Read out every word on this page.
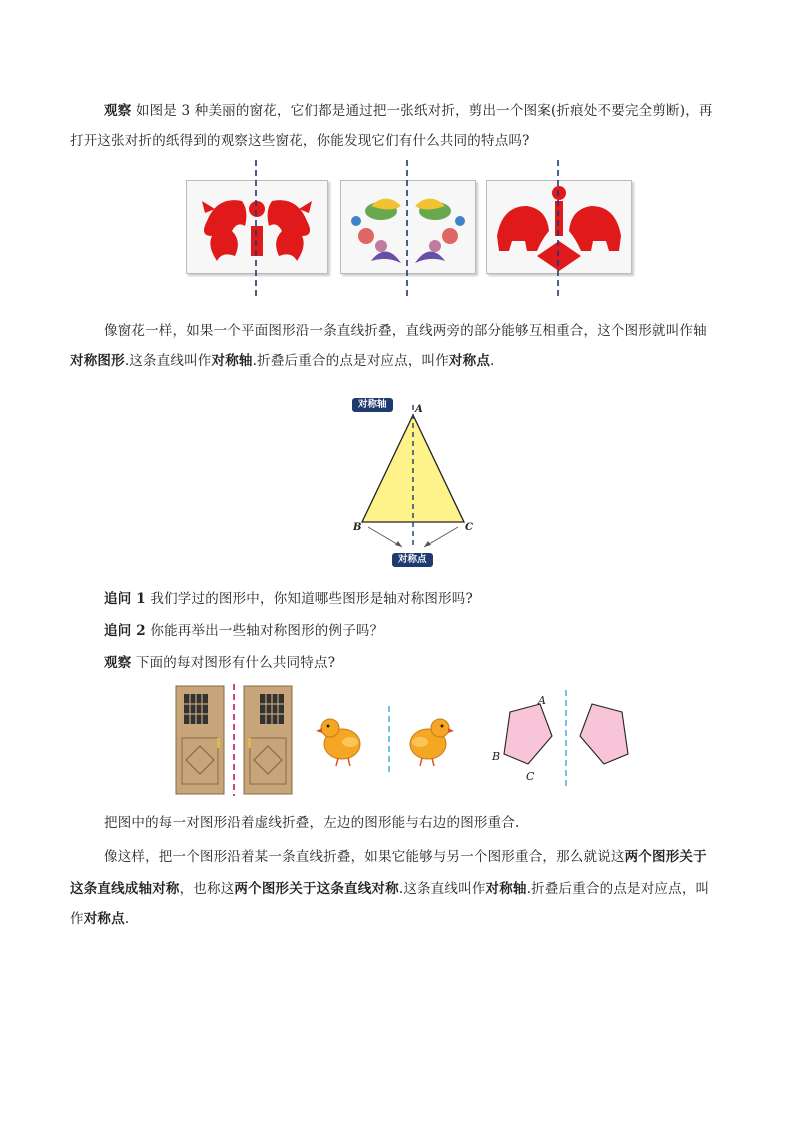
观察 如图是 3 种美丽的窗花，它们都是通过把一张纸对折，剪出一个图案(折痕处不要完全剪断)，再
打开这张对折的纸得到的观察这些窗花，你能发现它们有什么共同的特点吗?
像窗花一样，如果一个平面图形沿一条直线折叠，直线两旁的部分能够互相重合，这个图形就叫作轴
对称图形.这条直线叫作对称轴.折叠后重合的点是对应点，叫作对称点.
对称轴	A
B	C
对称点
追问 1 我们学过的图形中，你知道哪些图形是轴对称图形吗?
追问 2 你能再举出一些轴对称图形的例子吗？
观察 下面的每对图形有什么共同特点?
A
B
C
把图中的每一对图形沿着虚线折叠，左边的图形能与右边的图形重合.
像这样，把一个图形沿着某一条直线折叠，如果它能够与另一个图形重合，那么就说这两个图形关于
这条直线成轴对称，也称这两个图形关于这条直线对称.这条直线叫作对称轴.折叠后重合的点是对应点，叫
作对称点.
